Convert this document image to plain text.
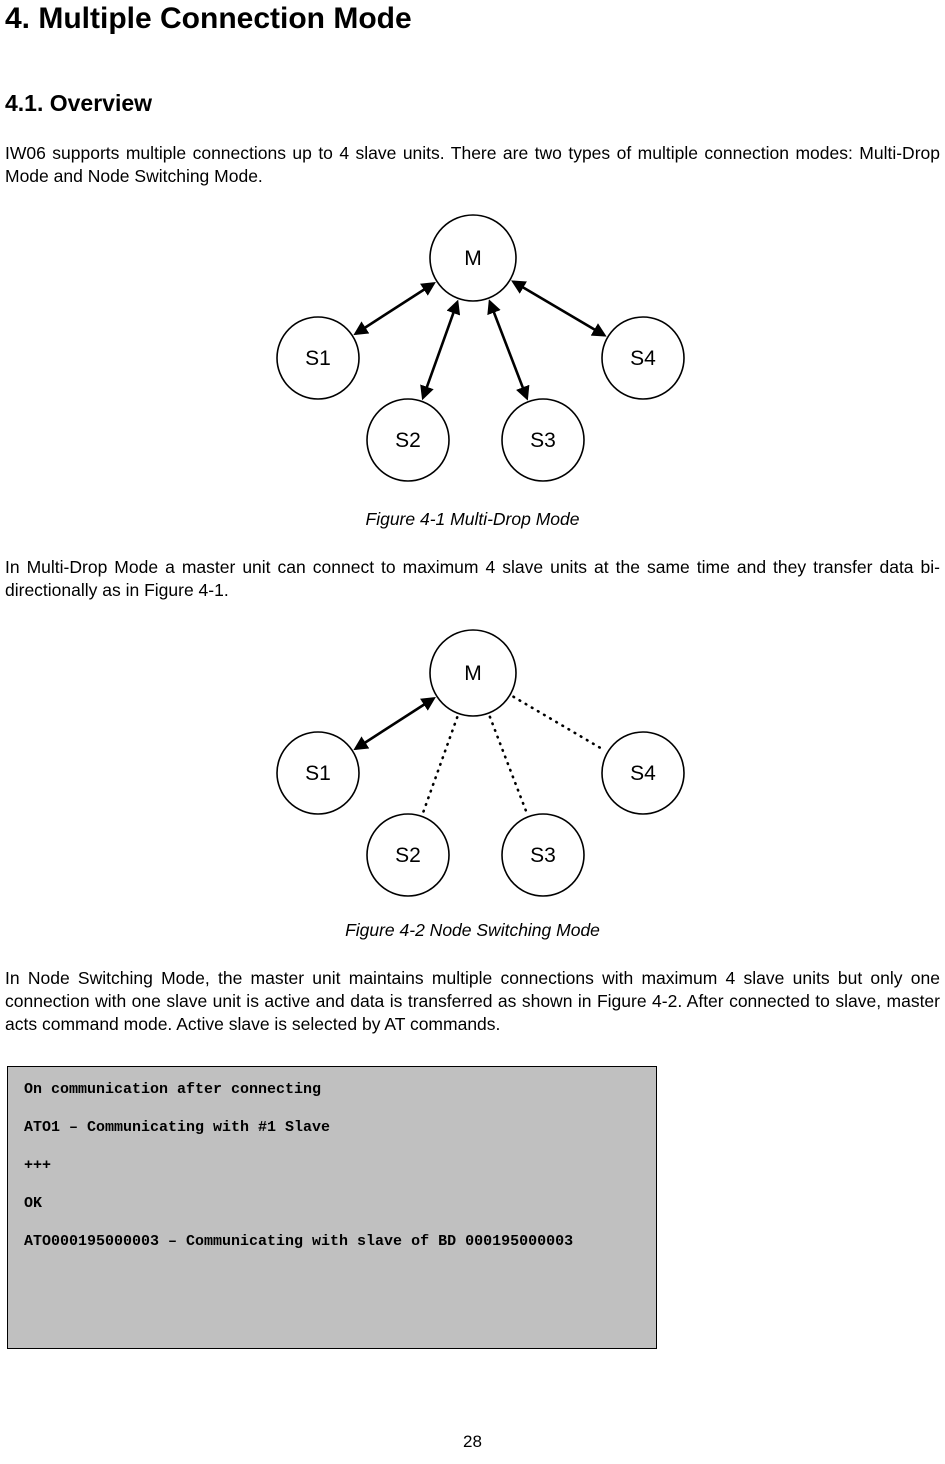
4. Multiple Connection Mode
4.1. Overview

IW06 supports multiple connections up to 4 slave units. There are two types of multiple connection modes: Multi-Drop Mode and Node Switching Mode.

M
S1
S2	S3
S4
Figure 4-1 Multi-Drop Mode

In Multi-Drop Mode a master unit can connect to maximum 4 slave units at the same time and they transfer data bi-directionally as in Figure 4-1.

M
S1
S2	S3
S4
Figure 4-2 Node Switching Mode

In Node Switching Mode, the master unit maintains multiple connections with maximum 4 slave units but only one connection with one slave unit is active and data is transferred as shown in Figure 4-2. After connected to slave, master acts command mode. Active slave is selected by AT commands.

On communication after connecting
ATO1 – Communicating with #1 Slave
+++
OK
ATO000195000003 – Communicating with slave of BD 000195000003
28
